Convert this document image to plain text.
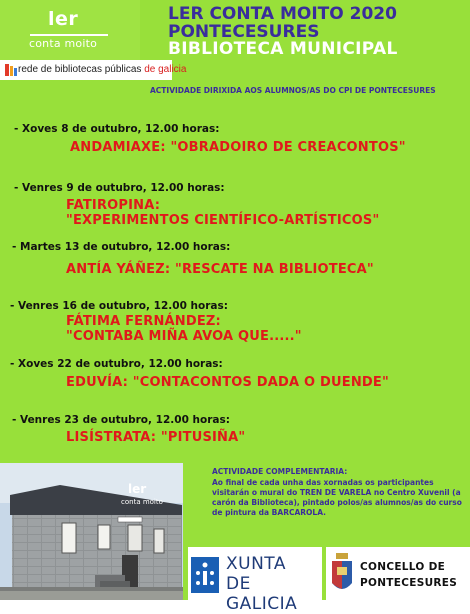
ler
conta moito
rede de bibliotecas públicas de galicia
LER CONTA MOITO 2020
PONTECESURES
BIBLIOTECA MUNICIPAL
ACTIVIDADE DIRIXIDA AOS ALUMNOS/AS DO CPI DE PONTECESURES
- Xoves 8 de outubro, 12.00 horas:
ANDAMIAXE: "OBRADOIRO DE CREACONTOS"
- Venres 9 de outubro, 12.00 horas:
FATIROPINA:
"EXPERIMENTOS CIENTÍFICO-ARTÍSTICOS"
- Martes 13 de outubro, 12.00 horas:
ANTÍA YÁÑEZ: "RESCATE NA BIBLIOTECA"
- Venres 16 de outubro, 12.00 horas:
FÁTIMA FERNÁNDEZ:
"CONTABA MIÑA AVOA QUE....."
- Xoves 22 de outubro, 12.00 horas:
EDUVÍA: "CONTACONTOS DADA O DUENDE"
- Venres 23 de outubro, 12.00 horas:
LISÍSTRATA: "PITUSIÑA"
ler
conta moito
ACTIVIDADE COMPLEMENTARIA:
Ao final de cada unha das xornadas os participantes visitarán o mural do TREN DE VARELA no Centro Xuvenil (a carón da Biblioteca), pintado polos/as alumnos/as do curso de pintura da BARCAROLA.
XUNTA
DE GALICIA
CONCELLO DE
PONTECESURES
